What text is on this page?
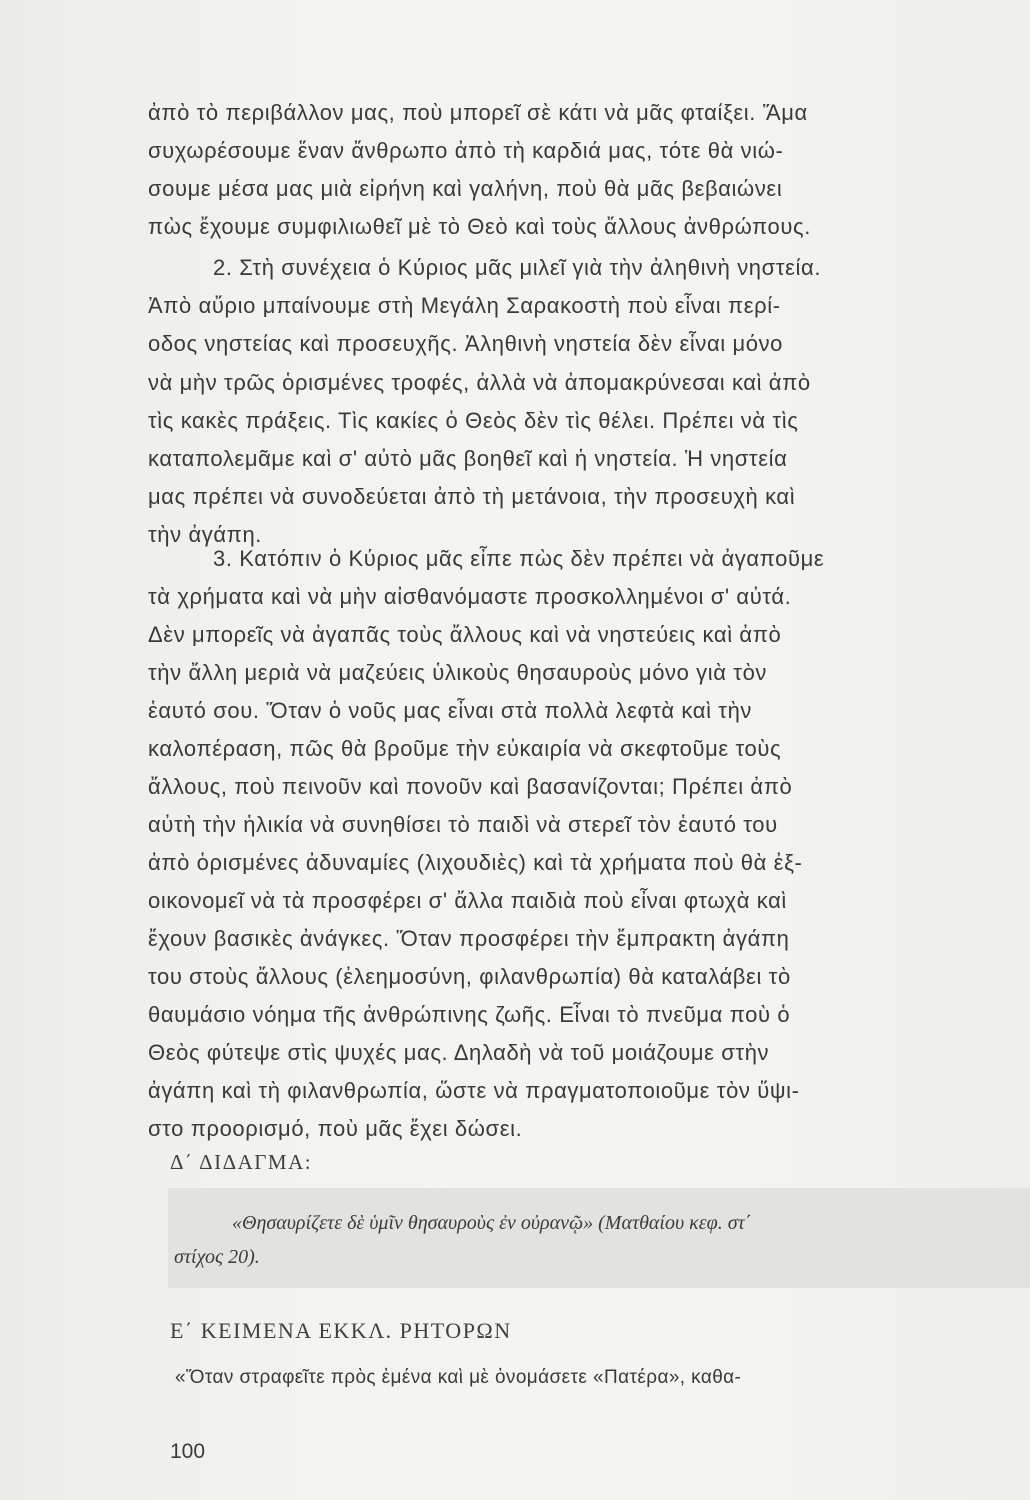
ἀπὸ τὸ περιβάλλον μας, ποὺ μπορεῖ σὲ κάτι νὰ μᾶς φταίξει. Ἅμα
συχωρέσουμε ἕναν ἄνθρωπο ἀπὸ τὴ καρδιά μας, τότε θὰ νιώ-
σουμε μέσα μας μιὰ εἰρήνη καὶ γαλήνη, ποὺ θὰ μᾶς βεβαιώνει
πὼς ἔχουμε συμφιλιωθεῖ μὲ τὸ Θεὸ καὶ τοὺς ἄλλους ἀνθρώπους.
2. Στὴ συνέχεια ὁ Κύριος μᾶς μιλεῖ γιὰ τὴν ἀληθινὴ νηστεία.
Ἀπὸ αὔριο μπαίνουμε στὴ Μεγάλη Σαρακοστὴ ποὺ εἶναι περί-
οδος νηστείας καὶ προσευχῆς. Ἀληθινὴ νηστεία δὲν εἶναι μόνο
νὰ μὴν τρῶς ὁρισμένες τροφές, ἀλλὰ νὰ ἀπομακρύνεσαι καὶ ἀπὸ
τὶς κακὲς πράξεις. Τὶς κακίες ὁ Θεὸς δὲν τὶς θέλει. Πρέπει νὰ τὶς
καταπολεμᾶμε καὶ σ' αὐτὸ μᾶς βοηθεῖ καὶ ἡ νηστεία. Ἡ νηστεία
μας πρέπει νὰ συνοδεύεται ἀπὸ τὴ μετάνοια, τὴν προσευχὴ καὶ
τὴν ἀγάπη.
3. Κατόπιν ὁ Κύριος μᾶς εἶπε πὼς δὲν πρέπει νὰ ἀγαποῦμε
τὰ χρήματα καὶ νὰ μὴν αἰσθανόμαστε προσκολλημένοι σ' αὐτά.
Δὲν μπορεῖς νὰ ἀγαπᾶς τοὺς ἄλλους καὶ νὰ νηστεύεις καὶ ἀπὸ
τὴν ἄλλη μεριὰ νὰ μαζεύεις ὑλικοὺς θησαυροὺς μόνο γιὰ τὸν
ἑαυτό σου. Ὅταν ὁ νοῦς μας εἶναι στὰ πολλὰ λεφτὰ καὶ τὴν
καλοπέραση, πῶς θὰ βροῦμε τὴν εὐκαιρία νὰ σκεφτοῦμε τοὺς
ἄλλους, ποὺ πεινοῦν καὶ πονοῦν καὶ βασανίζονται; Πρέπει ἀπὸ
αὐτὴ τὴν ἡλικία νὰ συνηθίσει τὸ παιδὶ νὰ στερεῖ τὸν ἑαυτό του
ἀπὸ ὁρισμένες ἀδυναμίες (λιχουδιὲς) καὶ τὰ χρήματα ποὺ θὰ ἐξ-
οικονομεῖ νὰ τὰ προσφέρει σ' ἄλλα παιδιὰ ποὺ εἶναι φτωχὰ καὶ
ἔχουν βασικὲς ἀνάγκες. Ὅταν προσφέρει τὴν ἔμπρακτη ἀγάπη
του στοὺς ἄλλους (ἐλεημοσύνη, φιλανθρωπία) θὰ καταλάβει τὸ
θαυμάσιο νόημα τῆς ἀνθρώπινης ζωῆς. Εἶναι τὸ πνεῦμα ποὺ ὁ
Θεὸς φύτεψε στὶς ψυχές μας. Δηλαδὴ νὰ τοῦ μοιάζουμε στὴν
ἀγάπη καὶ τὴ φιλανθρωπία, ὥστε νὰ πραγματοποιοῦμε τὸν ὕψι-
στο προορισμό, ποὺ μᾶς ἔχει δώσει.
Δ΄ ΔΙΔΑΓΜΑ:
«Θησαυρίζετε δὲ ὑμῖν θησαυροὺς ἐν οὐρανῷ» (Ματθαίου κεφ. στ΄
στίχος 20).
Ε΄ ΚΕΙΜΕΝΑ ΕΚΚΛ. ΡΗΤΟΡΩΝ
«Ὅταν στραφεῖτε πρὸς ἐμένα καὶ μὲ ὀνομάσετε «Πατέρα», καθα-
100
